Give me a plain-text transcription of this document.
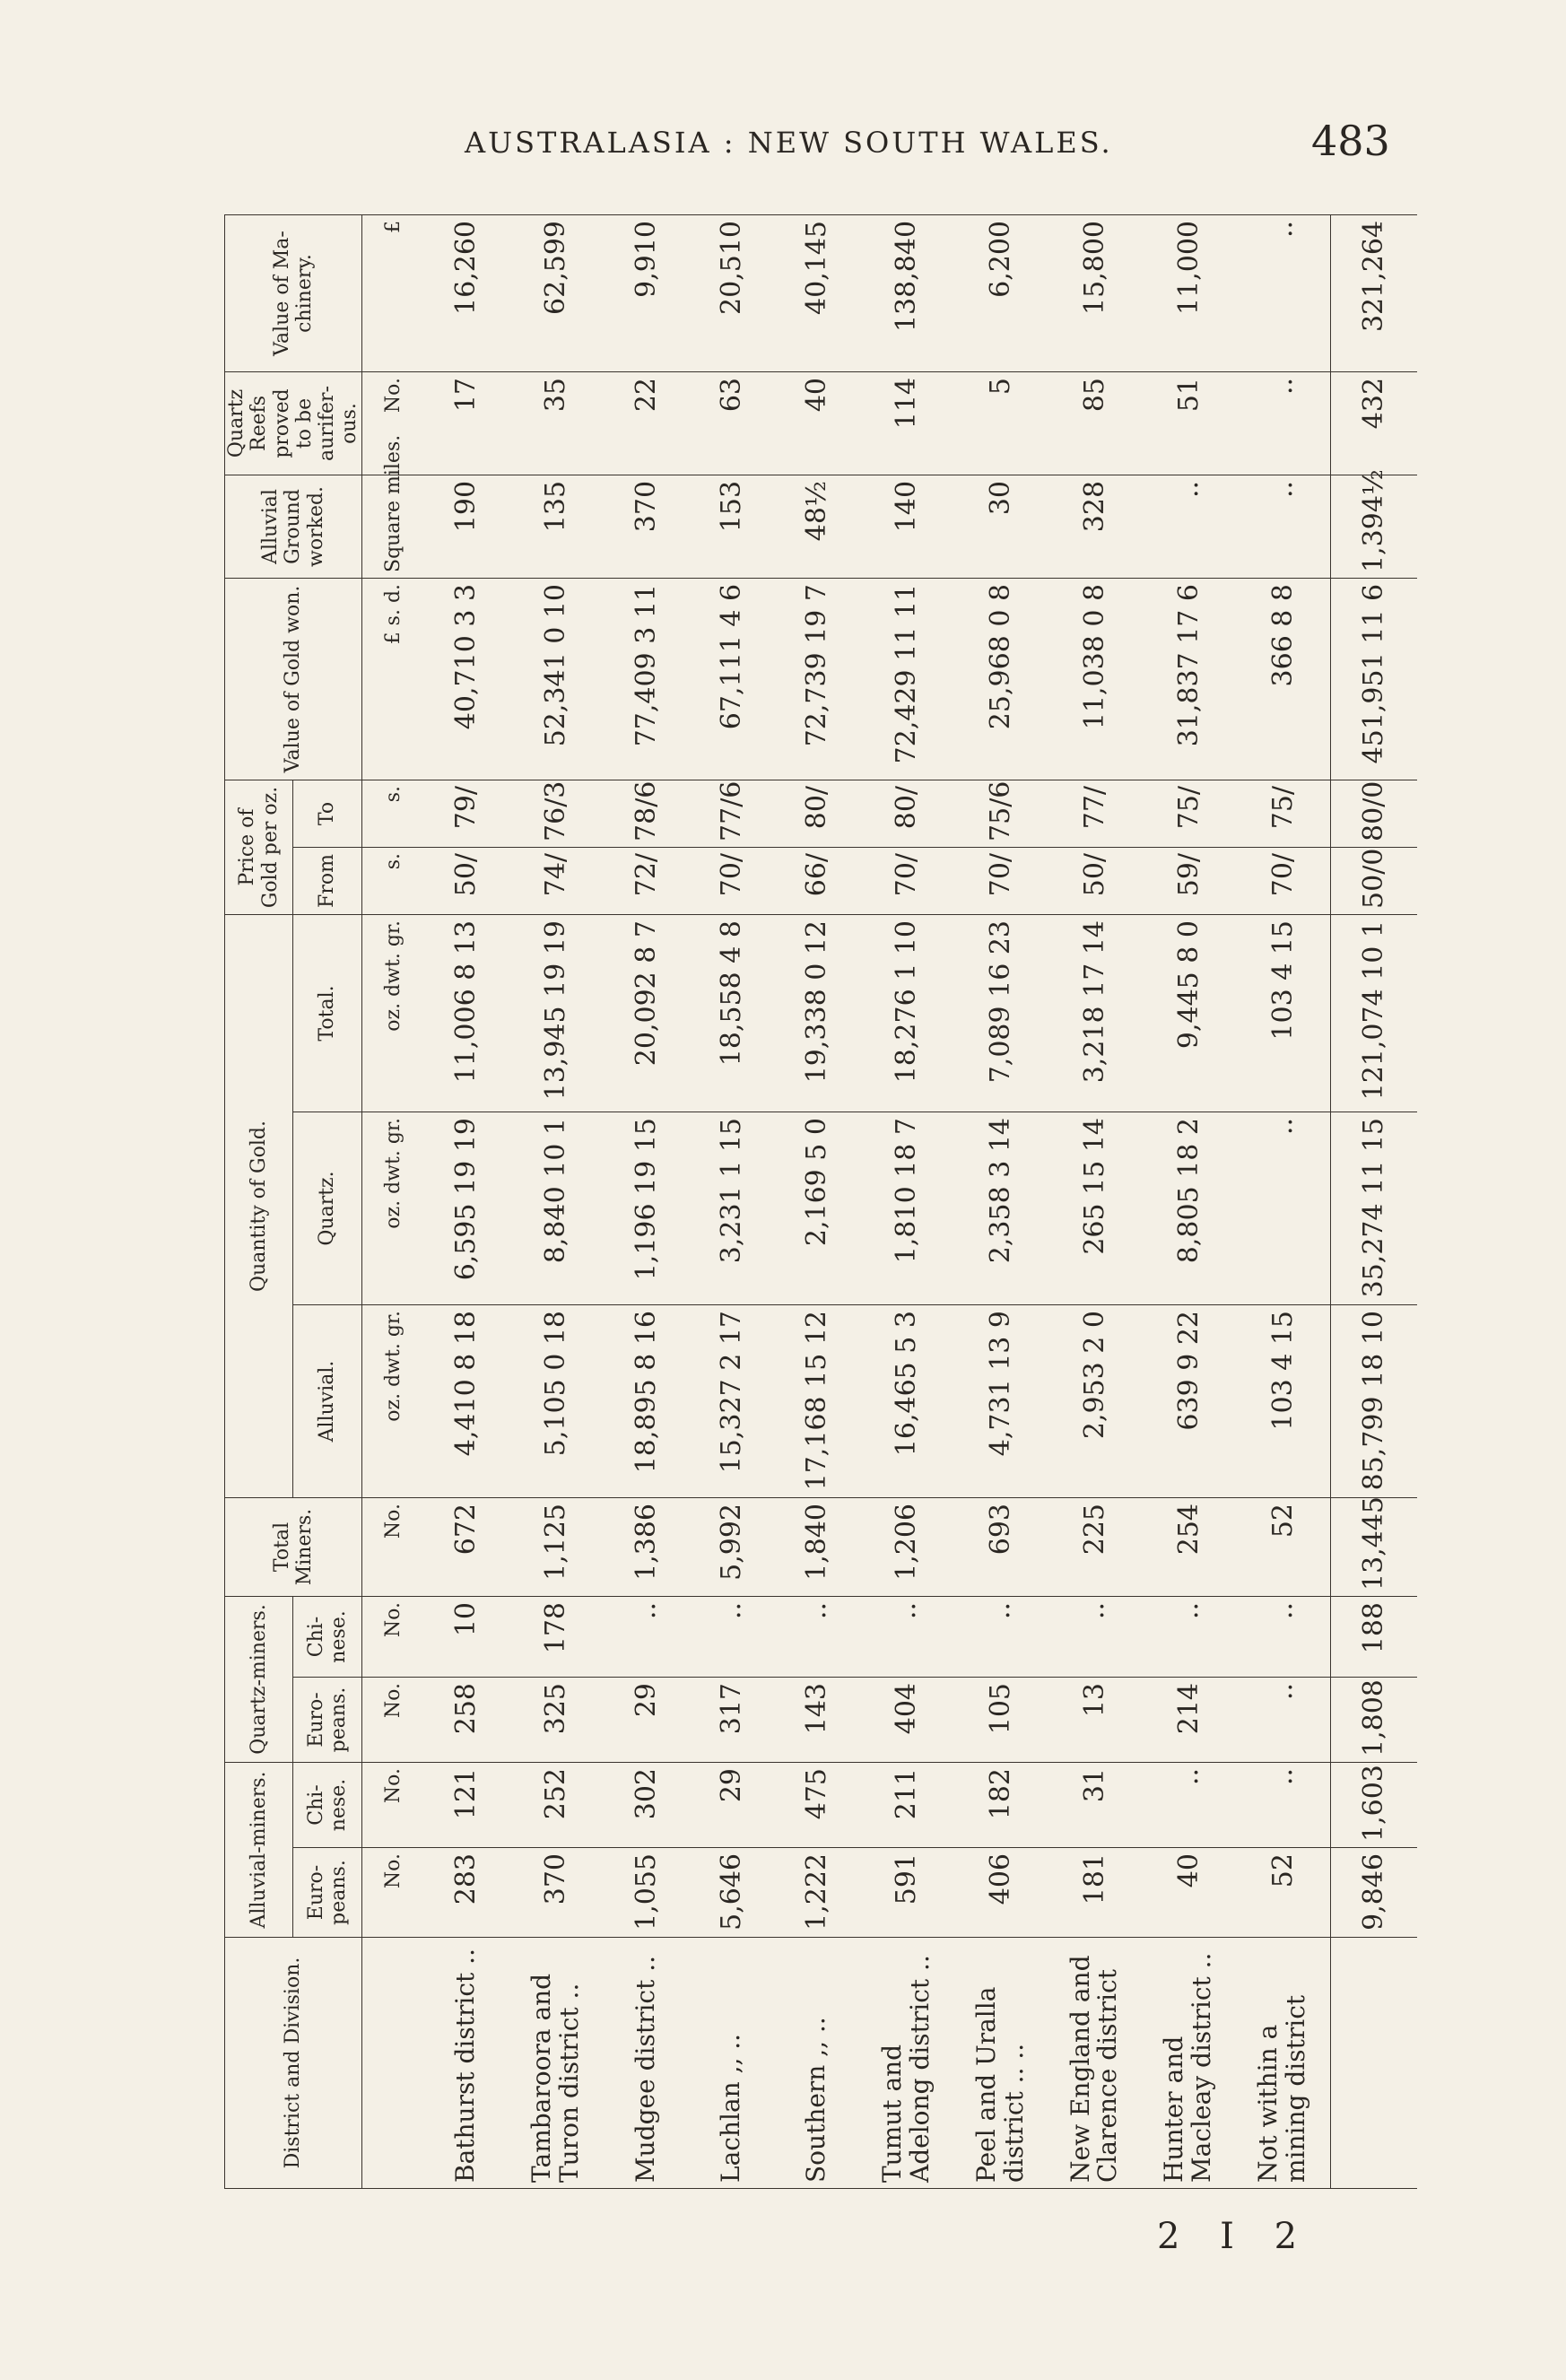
AUSTRALASIA : NEW SOUTH WALES.	483
District and Division.	Alluvial-miners.		Quartz-miners.		Total Miners.	Quantity of Gold.			Price of Gold per oz.		Value of Gold won.	Alluvial Ground worked.	Quartz Reefs proved to be aurifer-ous.	Value of Ma-chinery.
	Euro-peans.	Chi-nese.	Euro-peans.	Chi-nese.		Alluvial.	Quartz.	Total.	From	To				
	No.	No.	No.	No.	No.	oz. dwt. gr.	oz. dwt. gr.	oz. dwt. gr.	s.	s.	£ s. d.	Square miles.	No.	£
Bathurst district ..	283	121	258	10	672	4,410 8 18	6,595 19 19	11,006 8 13	50/	79/	40,710 3 3	190	17	16,260
Tambaroora and Turon district ..	370	252	325	178	1,125	5,105 0 18	8,840 10 1	13,945 19 19	74/	76/3	52,341 0 10	135	35	62,599
Mudgee district ..	1,055	302	29	..	1,386	18,895 8 16	1,196 19 15	20,092 8 7	72/	78/6	77,409 3 11	370	22	9,910
Lachlan ,, ..	5,646	29	317	..	5,992	15,327 2 17	3,231 1 15	18,558 4 8	70/	77/6	67,111 4 6	153	63	20,510
Southern ,, ..	1,222	475	143	..	1,840	17,168 15 12	2,169 5 0	19,338 0 12	66/	80/	72,739 19 7	48½	40	40,145
Tumut and Adelong district ..	591	211	404	..	1,206	16,465 5 3	1,810 18 7	18,276 1 10	70/	80/	72,429 11 11	140	114	138,840
Peel and Uralla district .. ..	406	182	105	..	693	4,731 13 9	2,358 3 14	7,089 16 23	70/	75/6	25,968 0 8	30	5	6,200
New England and Clarence district	181	31	13	..	225	2,953 2 0	265 15 14	3,218 17 14	50/	77/	11,038 0 8	328	85	15,800
Hunter and Macleay district ..	40	..	214	..	254	639 9 22	8,805 18 2	9,445 8 0	59/	75/	31,837 17 6	..	51	11,000
Not within a mining district	52	..	..	..	52	103 4 15	..	103 4 15	70/	75/	366 8 8	..	..	..
	9,846	1,603	1,808	188	13,445	85,799 18 10	35,274 11 15	121,074 10 1	50/0	80/0	451,951 11 6	1,394½	432	321,264
2 I 2
